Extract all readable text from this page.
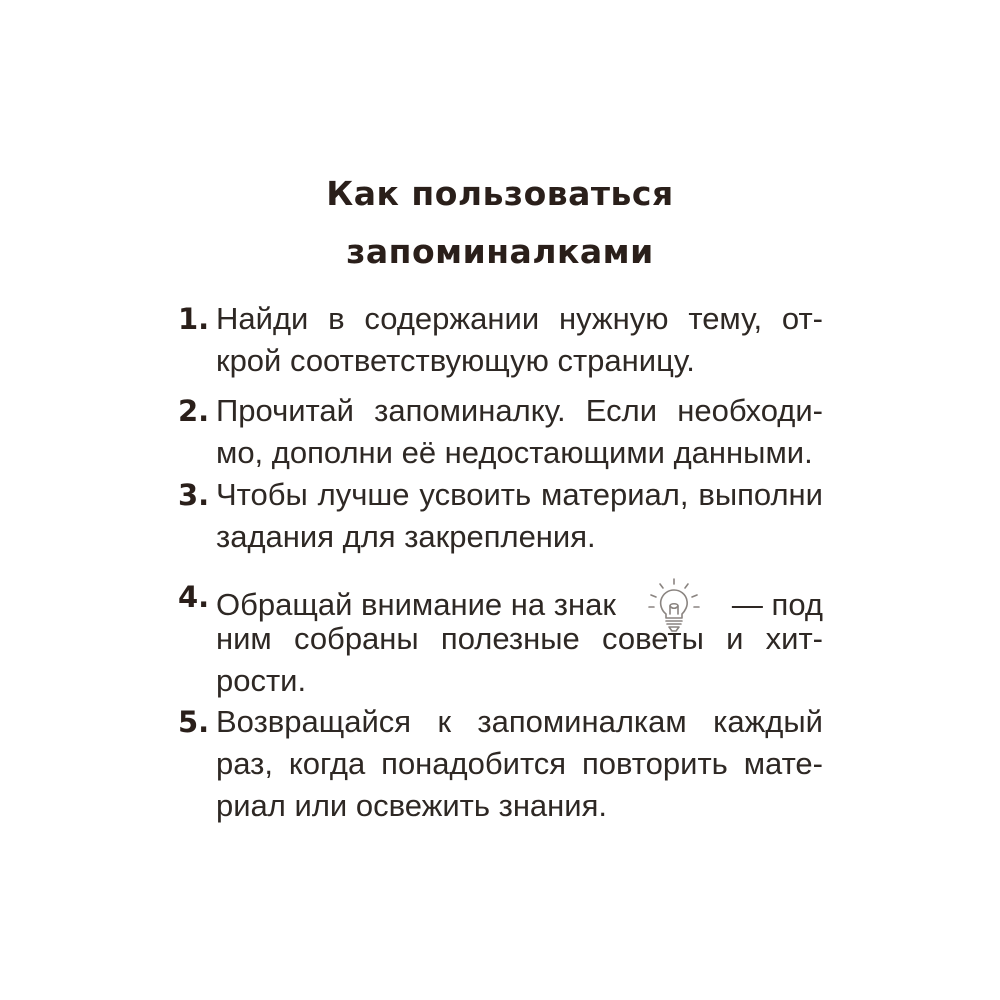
Как пользоваться
запоминалками
1. Найди в содержании нужную тему, от-
крой соответствующую страницу.
2. Прочитай запоминалку. Если необходи-
мо, дополни её недостающими данными.
3. Чтобы лучше усвоить материал, выполни
задания для закрепления.
4. Обращай внимание на знак	— под
ним собраны полезные советы и хит-
рости.
5. Возвращайся к запоминалкам каждый
раз, когда понадобится повторить мате-
риал или освежить знания.
